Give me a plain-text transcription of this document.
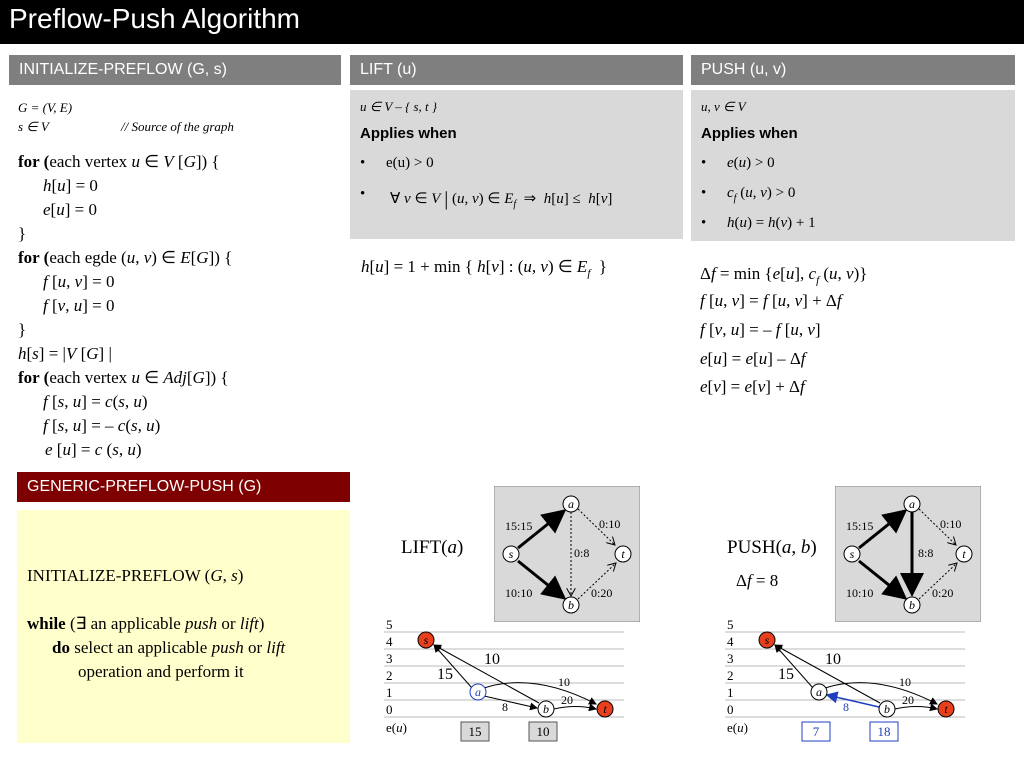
Preflow-Push Algorithm
INITIALIZE-PREFLOW (G, s)
G = (V, E)
s ∈ V	// Source of the graph
for (each vertex u ∈ V [G]) {
h[u] = 0
e[u] = 0
}
for (each egde (u, v) ∈ E[G]) {
f [u, v] = 0
f [v, u] = 0
}
h[s] = |V [G] |
for (each vertex u ∈ Adj[G]) {
f [s, u] = c(s, u)
f [s, u] = – c(s, u)
e [u] = c (s, u)
GENERIC-PREFLOW-PUSH (G)
INITIALIZE-PREFLOW (G, s)
while (∃ an applicable push or lift)
do select an applicable push or lift
operation and perform it
LIFT (u)
u ∈ V – { s, t }
Applies when
• e(u) > 0
• ∀ v ∈ V | (u, v) ∈ $E_f$  ⇒  h[u] ≤  h[v]
h[u] = 1 + min { h[v] : (u, v) ∈ $E_f$  }
PUSH (u, v)
u, v ∈ V
Applies when
• e(u) > 0
• $c_f$ (u, v) > 0
• h(u) = h(v) + 1
Δf = min {e[u], $c_f$ (u, v)}
f [u, v] = f [u, v] + Δf
f [v, u] = – f [u, v]
e[u] = e[u] – Δf
e[v] = e[v] + Δf
LIFT(a)
a
s	t
b
15:15	0:10
0:8
10:10	0:20
5
4
3
2
1
0
s
a
b	t
10
15	10
8	20
e(u)	15	10
PUSH(a, b)
Δf = 8
a
s	t
b
15:15	0:10
8:8
10:10	0:20
5
4
3
2
1
0
s
a
b	t
10
15	10
8	20
e(u)	7	18
